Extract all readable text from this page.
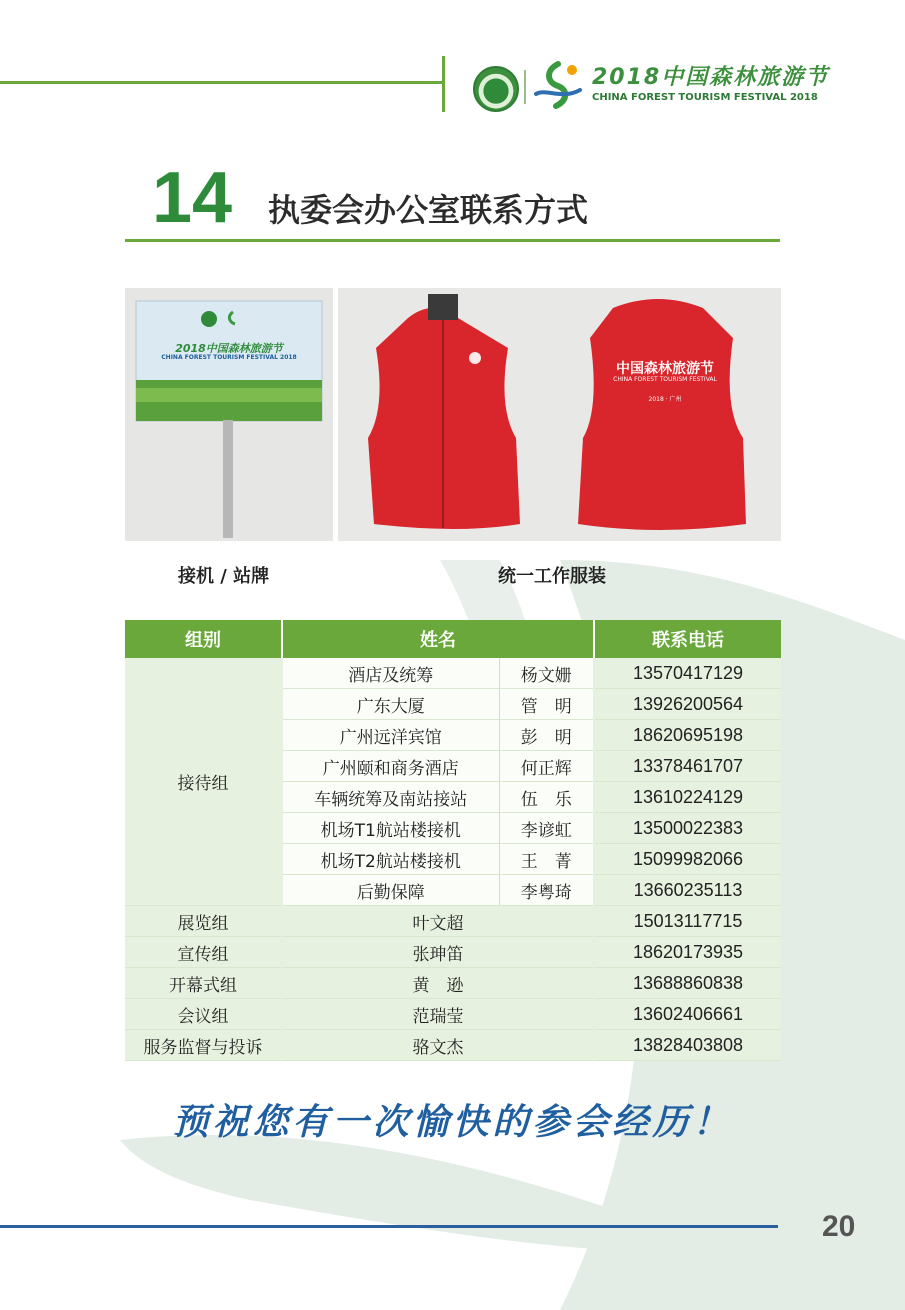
2018中国森林旅游节
CHINA FOREST TOURISM FESTIVAL 2018
14 执委会办公室联系方式
2018中国森林旅游节
CHINA FOREST TOURISM FESTIVAL 2018
中国森林旅游节
CHINA FOREST TOURISM FESTIVAL
2018 · 广州
接机 / 站牌	统一工作服装
组别	姓名		联系电话
接待组	酒店及统筹	杨文姗	13570417129
	广东大厦	管　明	13926200564
	广州远洋宾馆	彭　明	18620695198
	广州颐和商务酒店	何正辉	13378461707
	车辆统筹及南站接站	伍　乐	13610224129
	机场T1航站楼接机	李谚虹	13500022383
	机场T2航站楼接机	王　菁	15099982066
	后勤保障	李粤琦	13660235113
展览组	叶文超		15013117715
宣传组	张珅笛		18620173935
开幕式组	黄　逊		13688860838
会议组	范瑞莹		13602406661
服务监督与投诉	骆文杰		13828403808
预祝您有一次愉快的参会经历！
20
